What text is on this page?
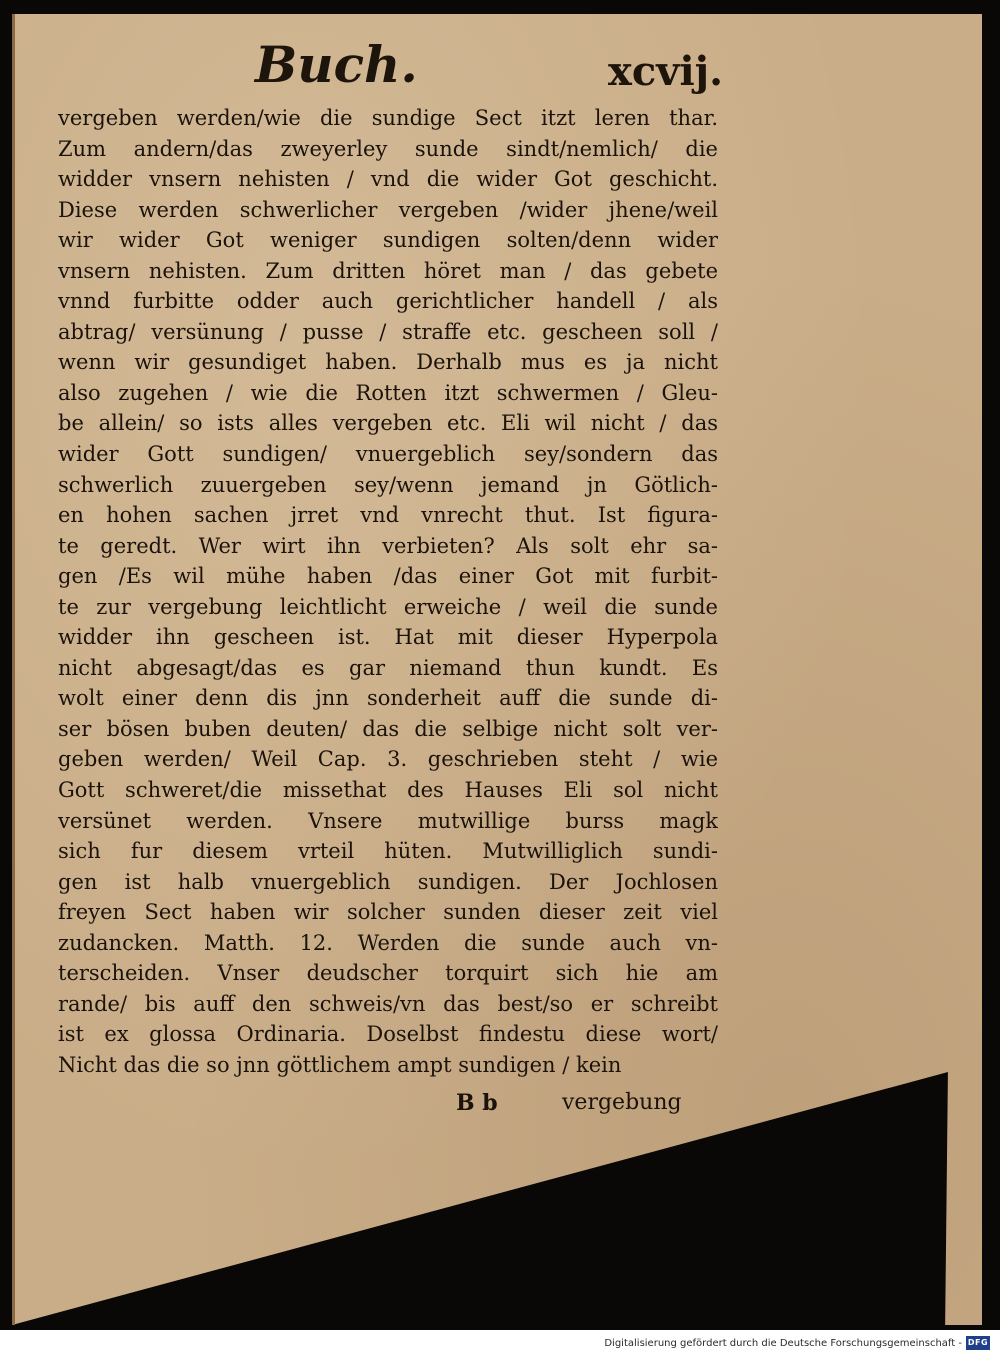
Buch.	xcvij.
vergeben werden/wie die sundige Sect itzt leren thar.
Zum andern/das zweyerley sunde sindt/nemlich/ die
widder vnsern nehisten / vnd die wider Got geschicht.
Diese werden schwerlicher vergeben /wider jhene/weil
wir wider Got weniger sundigen solten/denn wider
vnsern nehisten. Zum dritten höret man / das gebete
vnnd furbitte odder auch gerichtlicher handell / als
abtrag/ versünung / pusse / straffe etc. gescheen soll /
wenn wir gesundiget haben. Derhalb mus es ja nicht
also zugehen / wie die Rotten itzt schwermen / Gleu-
be allein/ so ists alles vergeben etc. Eli wil nicht / das
wider Gott sundigen/ vnuergeblich sey/sondern das
schwerlich zuuergeben sey/wenn jemand jn Götlich-
en hohen sachen jrret vnd vnrecht thut. Ist figura-
te geredt. Wer wirt ihn verbieten? Als solt ehr sa-
gen /Es wil mühe haben /das einer Got mit furbit-
te zur vergebung leichtlicht erweiche / weil die sunde
widder ihn gescheen ist. Hat mit dieser Hyperpola
nicht abgesagt/das es gar niemand thun kundt. Es
wolt einer denn dis jnn sonderheit auff die sunde di-
ser bösen buben deuten/ das die selbige nicht solt ver-
geben werden/ Weil Cap. 3. geschrieben steht / wie
Gott schweret/die missethat des Hauses Eli sol nicht
versünet werden. Vnsere mutwillige burss magk
sich fur diesem vrteil hüten. Mutwilliglich sundi-
gen ist halb vnuergeblich sundigen. Der Jochlosen
freyen Sect haben wir solcher sunden dieser zeit viel
zudancken. Matth. 12. Werden die sunde auch vn-
terscheiden. Vnser deudscher torquirt sich hie am
rande/ bis auff den schweis/vn das best/so er schreibt
ist ex glossa Ordinaria. Doselbst findestu diese wort/
Nicht das die so jnn göttlichem ampt sundigen / kein
B b	vergebung
Digitalisierung gefördert durch die Deutsche Forschungsgemeinschaft - DFG
